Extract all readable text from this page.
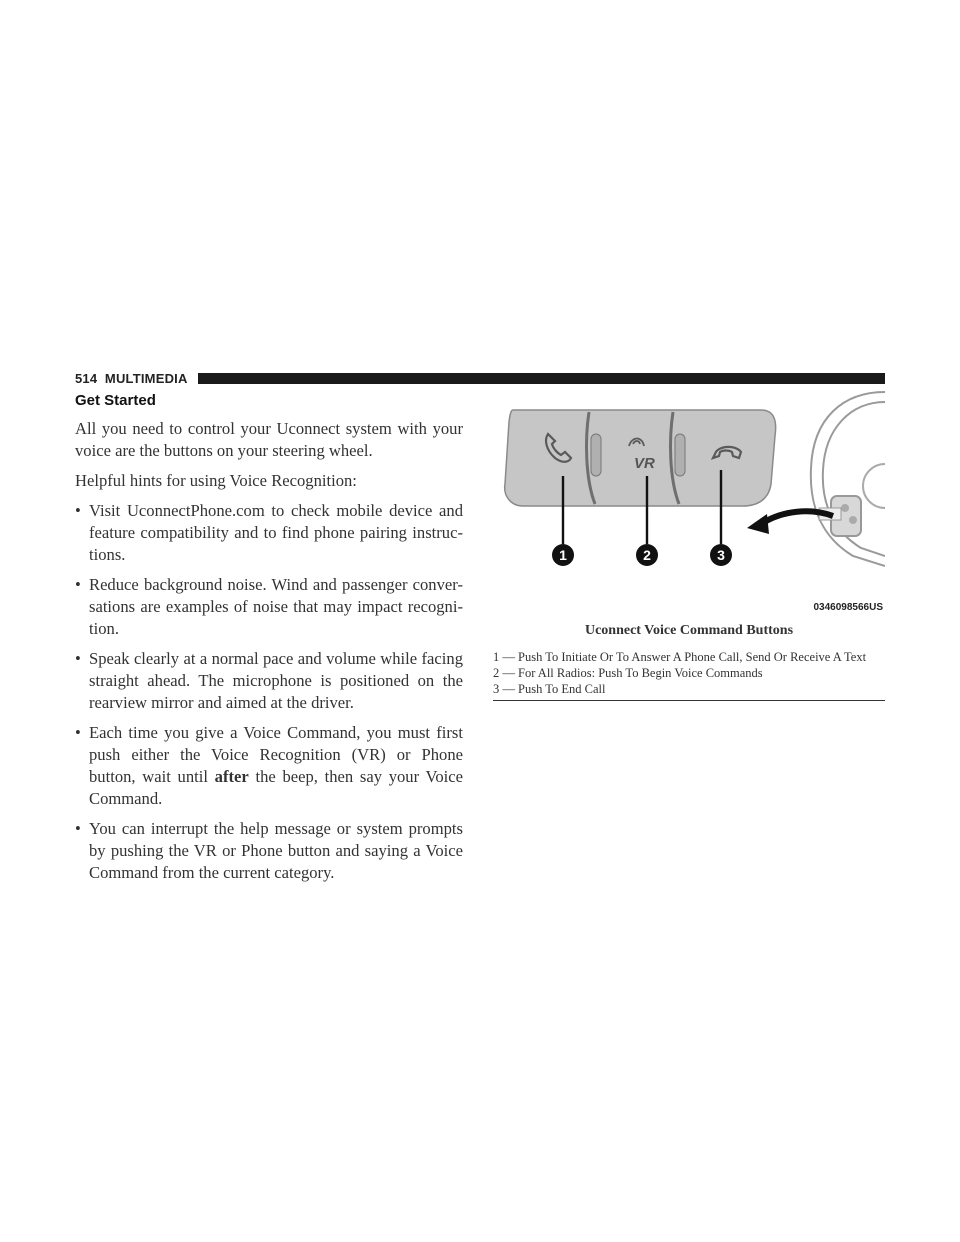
514 MULTIMEDIA
Get Started

All you need to control your Uconnect system with your voice are the buttons on your steering wheel.

Helpful hints for using Voice Recognition:

• Visit UconnectPhone.com to check mobile device and feature compatibility and to find phone pairing instruc-tions.
• Reduce background noise. Wind and passenger conver-sations are examples of noise that may impact recogni-tion.
• Speak clearly at a normal pace and volume while facing straight ahead. The microphone is positioned on the rearview mirror and aimed at the driver.
• Each time you give a Voice Command, you must first push either the Voice Recognition (VR) or Phone button, wait until after the beep, then say your Voice Command.
• You can interrupt the help message or system prompts by pushing the VR or Phone button and saying a Voice Command from the current category.
VR
1	2	3
0346098566US
Uconnect Voice Command Buttons

1 — Push To Initiate Or To Answer A Phone Call, Send Or Receive A Text

2 — For All Radios: Push To Begin Voice Commands

3 — Push To End Call
